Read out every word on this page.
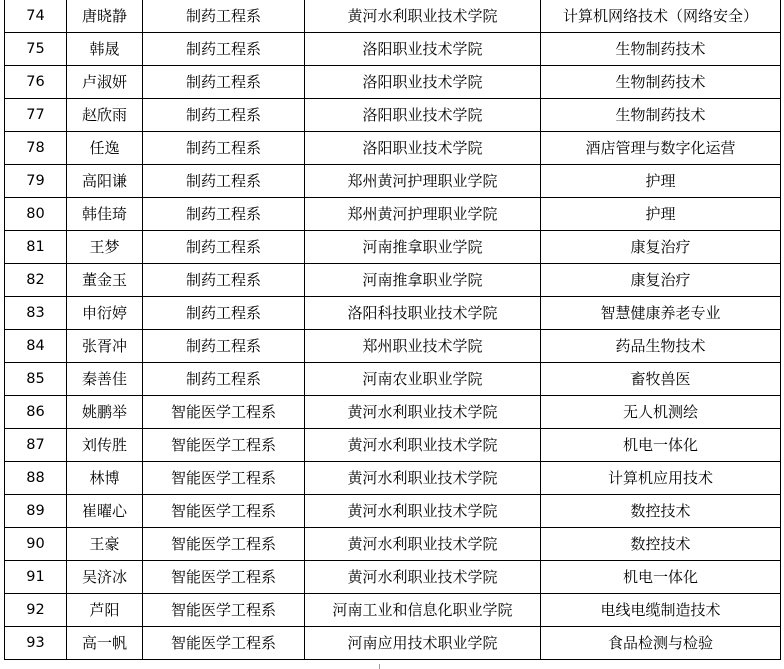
74	唐晓静	制药工程系	黄河水利职业技术学院	计算机网络技术（网络安全）
75	韩晟	制药工程系	洛阳职业技术学院	生物制药技术
76	卢淑妍	制药工程系	洛阳职业技术学院	生物制药技术
77	赵欣雨	制药工程系	洛阳职业技术学院	生物制药技术
78	任逸	制药工程系	洛阳职业技术学院	酒店管理与数字化运营
79	高阳谦	制药工程系	郑州黄河护理职业学院	护理
80	韩佳琦	制药工程系	郑州黄河护理职业学院	护理
81	王梦	制药工程系	河南推拿职业学院	康复治疗
82	董金玉	制药工程系	河南推拿职业学院	康复治疗
83	申衍婷	制药工程系	洛阳科技职业技术学院	智慧健康养老专业
84	张胥冲	制药工程系	郑州职业技术学院	药品生物技术
85	秦善佳	制药工程系	河南农业职业学院	畜牧兽医
86	姚鹏举	智能医学工程系	黄河水利职业技术学院	无人机测绘
87	刘传胜	智能医学工程系	黄河水利职业技术学院	机电一体化
88	林博	智能医学工程系	黄河水利职业技术学院	计算机应用技术
89	崔曜心	智能医学工程系	黄河水利职业技术学院	数控技术
90	王豪	智能医学工程系	黄河水利职业技术学院	数控技术
91	吴济冰	智能医学工程系	黄河水利职业技术学院	机电一体化
92	芦阳	智能医学工程系	河南工业和信息化职业学院	电线电缆制造技术
93	高一帆	智能医学工程系	河南应用技术职业学院	食品检测与检验
